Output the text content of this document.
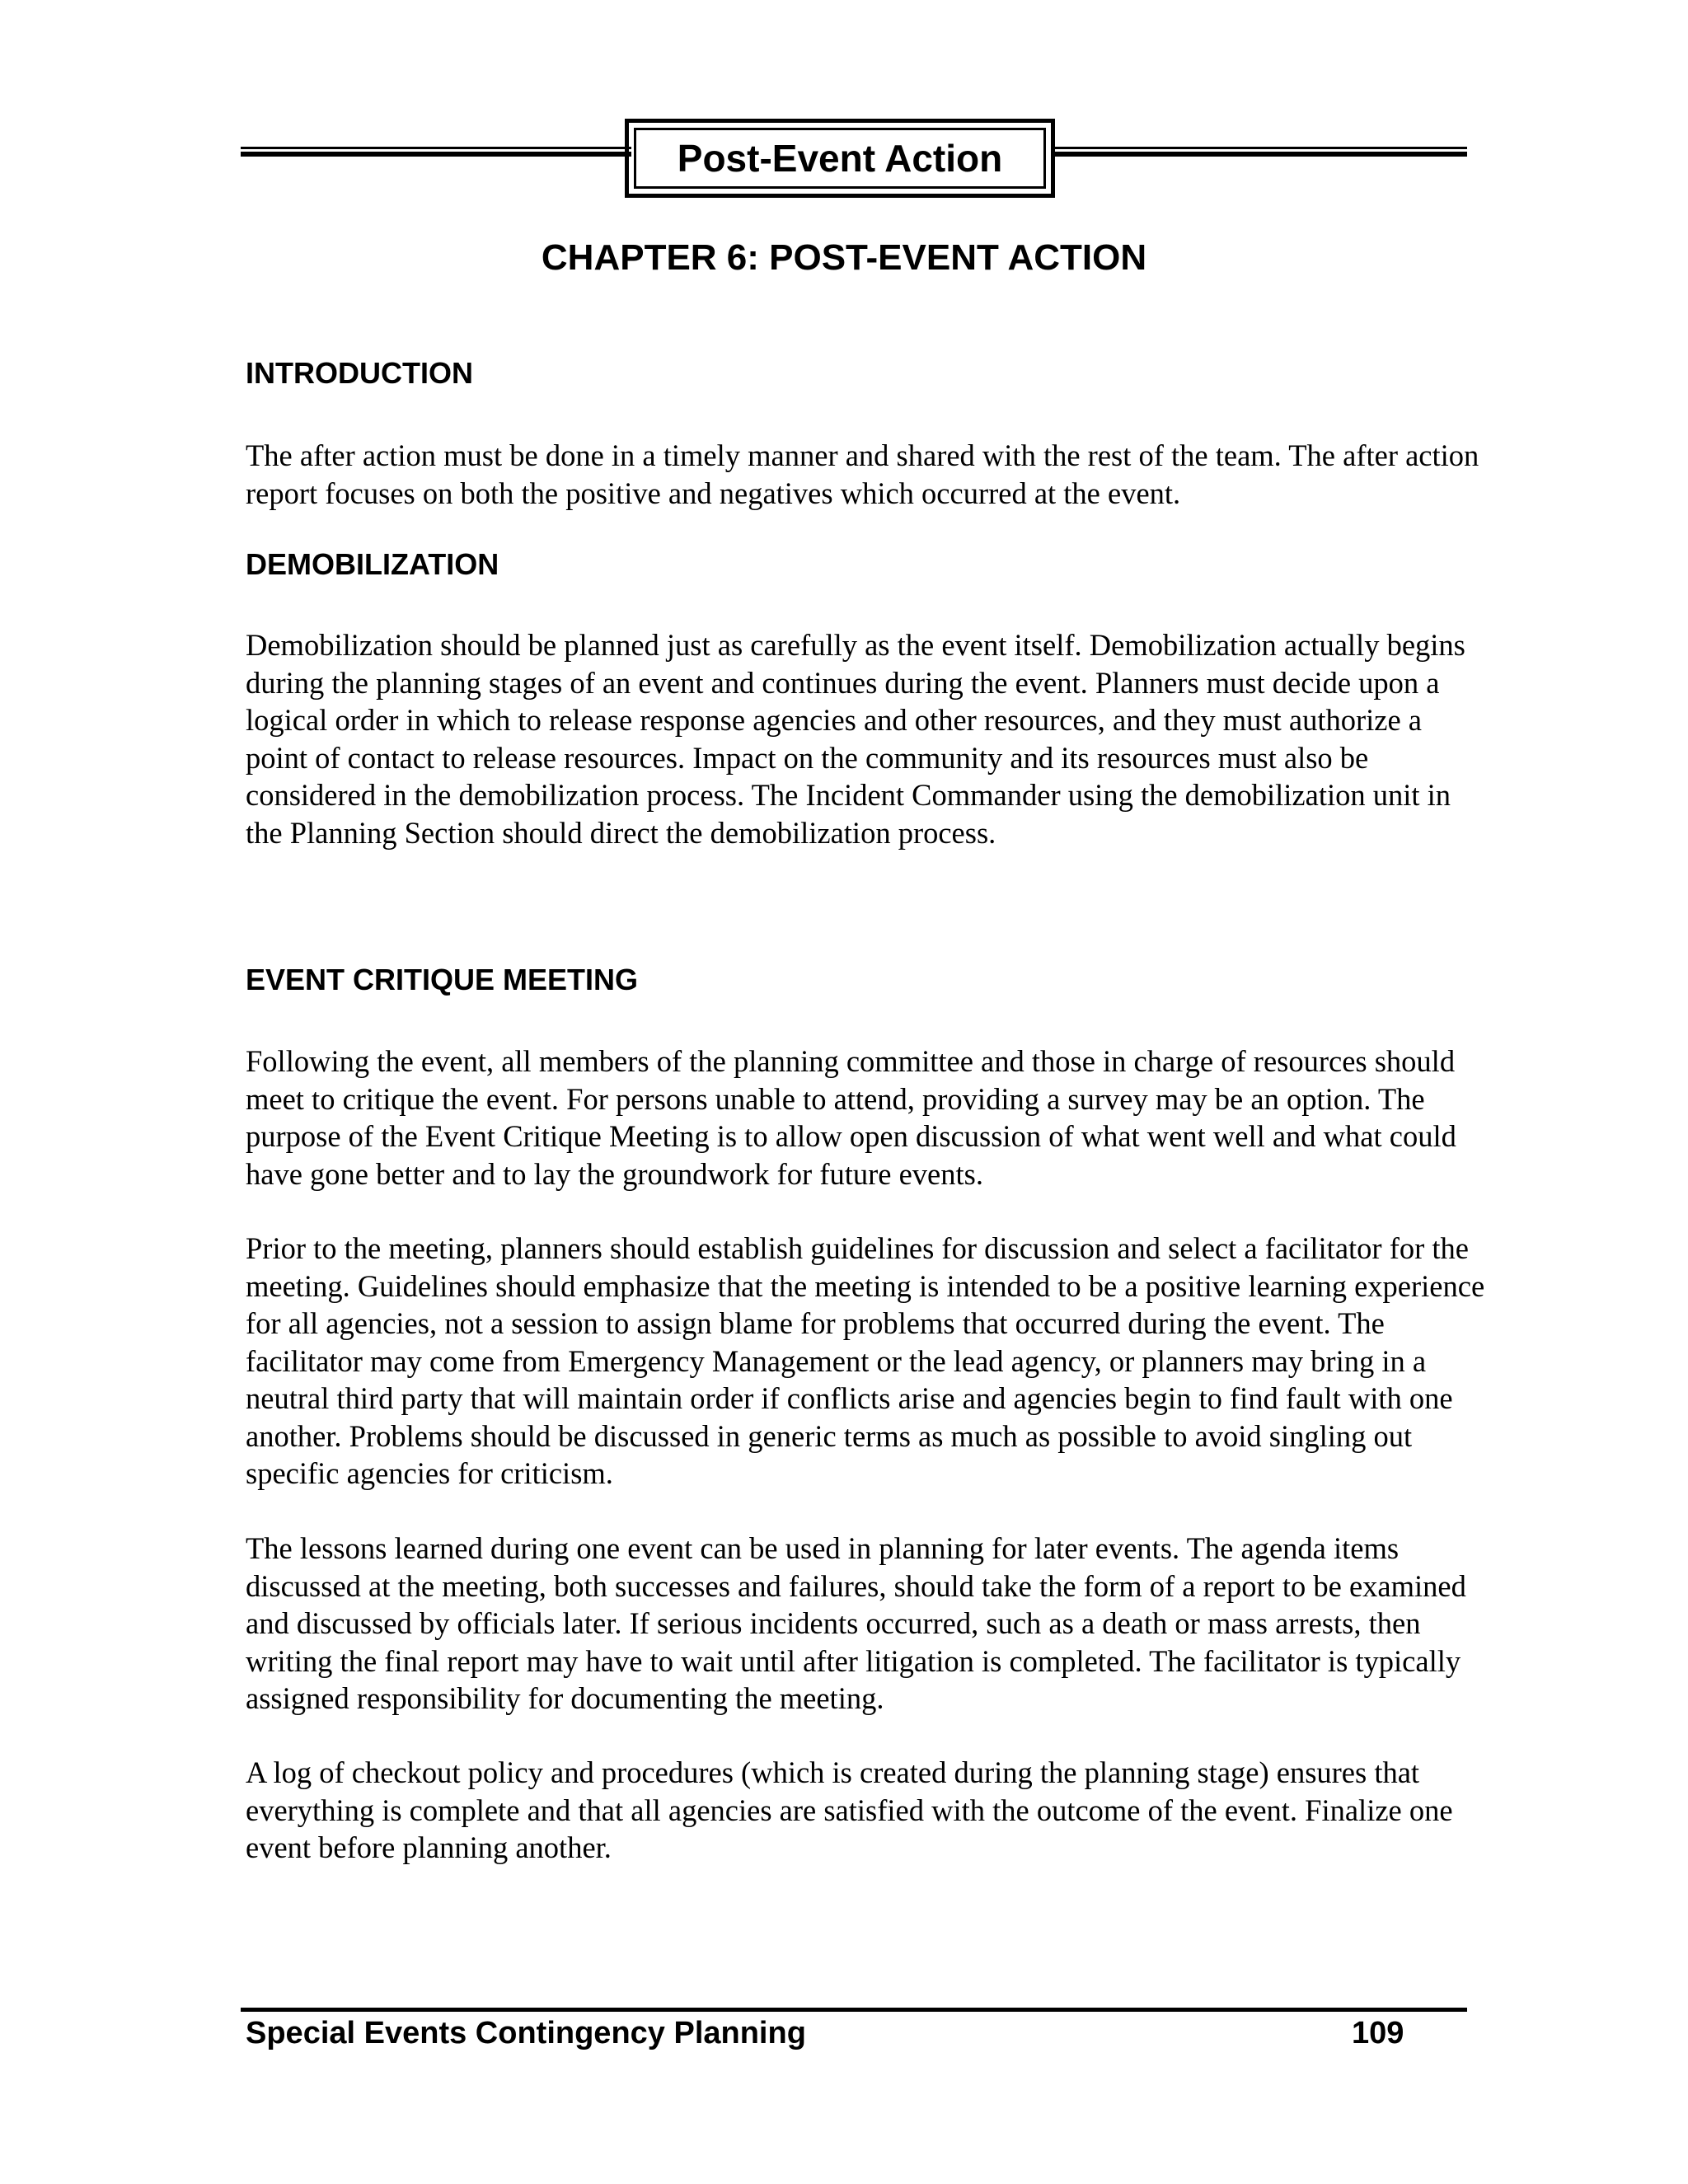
Post-Event Action
CHAPTER 6: POST-EVENT ACTION
INTRODUCTION

The after action must be done in a timely manner and shared with the rest of the team. The after action report focuses on both the positive and negatives which occurred at the event.

DEMOBILIZATION

Demobilization should be planned just as carefully as the event itself. Demobilization actually begins during the planning stages of an event and continues during the event. Planners must decide upon a logical order in which to release response agencies and other resources, and they must authorize a point of contact to release resources. Impact on the community and its resources must also be considered in the demobilization process. The Incident Commander using the demobilization unit in the Planning Section should direct the demobilization process.

EVENT CRITIQUE MEETING

Following the event, all members of the planning committee and those in charge of resources should meet to critique the event. For persons unable to attend, providing a survey may be an option. The purpose of the Event Critique Meeting is to allow open discussion of what went well and what could have gone better and to lay the groundwork for future events.

Prior to the meeting, planners should establish guidelines for discussion and select a facilitator for the meeting. Guidelines should emphasize that the meeting is intended to be a positive learning experience for all agencies, not a session to assign blame for problems that occurred during the event. The facilitator may come from Emergency Management or the lead agency, or planners may bring in a neutral third party that will maintain order if conflicts arise and agencies begin to find fault with one another. Problems should be discussed in generic terms as much as possible to avoid singling out specific agencies for criticism.

The lessons learned during one event can be used in planning for later events. The agenda items discussed at the meeting, both successes and failures, should take the form of a report to be examined and discussed by officials later. If serious incidents occurred, such as a death or mass arrests, then writing the final report may have to wait until after litigation is completed. The facilitator is typically assigned responsibility for documenting the meeting.

A log of checkout policy and procedures (which is created during the planning stage) ensures that everything is complete and that all agencies are satisfied with the outcome of the event. Finalize one event before planning another.

Special Events Contingency Planning	109
